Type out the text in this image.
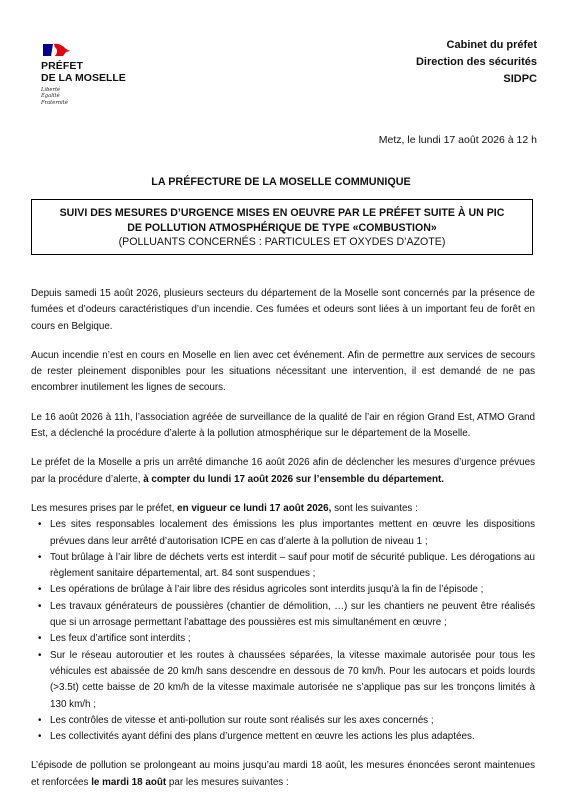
PRÉFET
DE LA MOSELLE
Liberté
Égalité
Fraternité
Cabinet du préfet
Direction des sécurités
SIDPC
Metz, le lundi 17 août 2026 à 12 h
LA PRÉFECTURE DE LA MOSELLE COMMUNIQUE
SUIVI DES MESURES D’URGENCE MISES EN OEUVRE PAR LE PRÉFET SUITE À UN PIC
DE POLLUTION ATMOSPHÉRIQUE DE TYPE «COMBUSTION»
(POLLUANTS CONCERNÉS : PARTICULES ET OXYDES D’AZOTE)

Depuis samedi 15 août 2026, plusieurs secteurs du département de la Moselle sont concernés par la présence de fumées et d’odeurs caractéristiques d’un incendie. Ces fumées et odeurs sont liées à un important feu de forêt en cours en Belgique.

Aucun incendie n’est en cours en Moselle en lien avec cet événement. Afin de permettre aux services de secours de rester pleinement disponibles pour les situations nécessitant une intervention, il est demandé de ne pas encombrer inutilement les lignes de secours.

Le 16 août 2026 à 11h, l’association agréée de surveillance de la qualité de l’air en région Grand Est, ATMO Grand Est, a déclenché la procédure d’alerte à la pollution atmosphérique sur le département de la Moselle.

Le préfet de la Moselle a pris un arrêté dimanche 16 août 2026 afin de déclencher les mesures d’urgence prévues par la procédure d’alerte, à compter du lundi 17 août 2026 sur l’ensemble du département.

Les mesures prises par le préfet, en vigueur ce lundi 17 août 2026, sont les suivantes :

• Les sites responsables localement des émissions les plus importantes mettent en œuvre les dispositions prévues dans leur arrêté d’autorisation ICPE en cas d’alerte à la pollution de niveau 1 ;
• Tout brûlage à l’air libre de déchets verts est interdit – sauf pour motif de sécurité publique. Les dérogations au règlement sanitaire départemental, art. 84 sont suspendues ;
• Les opérations de brûlage à l’air libre des résidus agricoles sont interdits jusqu’à la fin de l’épisode ;
• Les travaux générateurs de poussières (chantier de démolition, …) sur les chantiers ne peuvent être réalisés que si un arrosage permettant l’abattage des poussières est mis simultanément en œuvre ;
• Les feux d’artifice sont interdits ;
• Sur le réseau autoroutier et les routes à chaussées séparées, la vitesse maximale autorisée pour tous les véhicules est abaissée de 20 km/h sans descendre en dessous de 70 km/h. Pour les autocars et poids lourds (>3.5t) cette baisse de 20 km/h de la vitesse maximale autorisée ne s’applique pas sur les tronçons limités à 130 km/h ;
• Les contrôles de vitesse et anti-pollution sur route sont réalisés sur les axes concernés ;
• Les collectivités ayant défini des plans d’urgence mettent en œuvre les actions les plus adaptées.

L’épisode de pollution se prolongeant au moins jusqu’au mardi 18 août, les mesures énoncées seront maintenues et renforcées le mardi 18 août par les mesures suivantes :
